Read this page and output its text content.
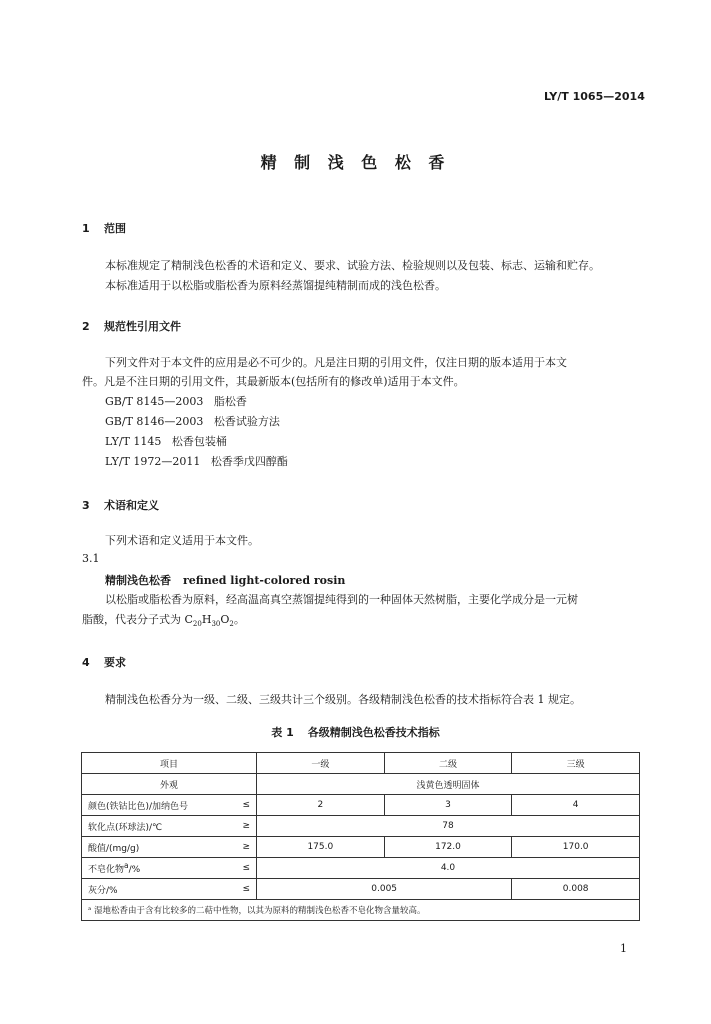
LY/T 1065—2014
精 制 浅 色 松 香
1 范围
本标准规定了精制浅色松香的术语和定义、要求、试验方法、检验规则以及包装、标志、运输和贮存。
本标准适用于以松脂或脂松香为原料经蒸馏提纯精制而成的浅色松香。
2 规范性引用文件
下列文件对于本文件的应用是必不可少的。凡是注日期的引用文件，仅注日期的版本适用于本文
件。凡是不注日期的引用文件，其最新版本(包括所有的修改单)适用于本文件。
GB/T 8145—2003 脂松香
GB/T 8146—2003 松香试验方法
LY/T 1145 松香包装桶
LY/T 1972—2011 松香季戊四醇酯
3 术语和定义
下列术语和定义适用于本文件。
3.1
精制浅色松香 refined light-colored rosin
以松脂或脂松香为原料，经高温高真空蒸馏提纯得到的一种固体天然树脂，主要化学成分是一元树
脂酸，代表分子式为 $C_{20}H_{30}O_2$。
4 要求
精制浅色松香分为一级、二级、三级共计三个级别。各级精制浅色松香的技术指标符合表 1 规定。
表 1 各级精制浅色松香技术指标
项目		一级	二级	三级
外观		浅黄色透明固体		
颜色(铁钴比色)/加纳色号	≤	2	3	4
软化点(环球法)/℃	≥	78		
酸值/(mg/g)	≥	175.0	172.0	170.0
不皂化物$^a$/%	≤	4.0		
灰分/%	≤	0.005		0.008
ᵃ 湿地松香由于含有比较多的二萜中性物，以其为原料的精制浅色松香不皂化物含量较高。				
1
